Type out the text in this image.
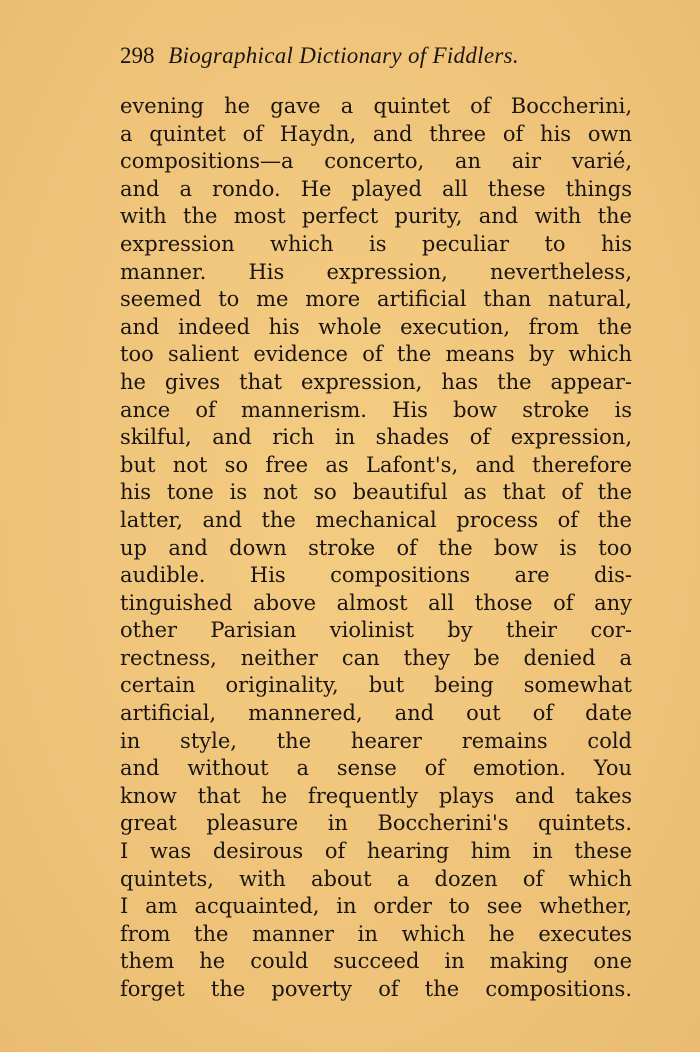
298 Biographical Dictionary of Fiddlers.
evening he gave a quintet of Boccherini,
a quintet of Haydn, and three of his own
compositions—a concerto, an air varié,
and a rondo. He played all these things
with the most perfect purity, and with the
expression which is peculiar to his
manner. His expression, nevertheless,
seemed to me more artificial than natural,
and indeed his whole execution, from the
too salient evidence of the means by which
he gives that expression, has the appear-
ance of mannerism. His bow stroke is
skilful, and rich in shades of expression,
but not so free as Lafont's, and therefore
his tone is not so beautiful as that of the
latter, and the mechanical process of the
up and down stroke of the bow is too
audible. His compositions are dis-
tinguished above almost all those of any
other Parisian violinist by their cor-
rectness, neither can they be denied a
certain originality, but being somewhat
artificial, mannered, and out of date
in style, the hearer remains cold
and without a sense of emotion. You
know that he frequently plays and takes
great pleasure in Boccherini's quintets.
I was desirous of hearing him in these
quintets, with about a dozen of which
I am acquainted, in order to see whether,
from the manner in which he executes
them he could succeed in making one
forget the poverty of the compositions.
